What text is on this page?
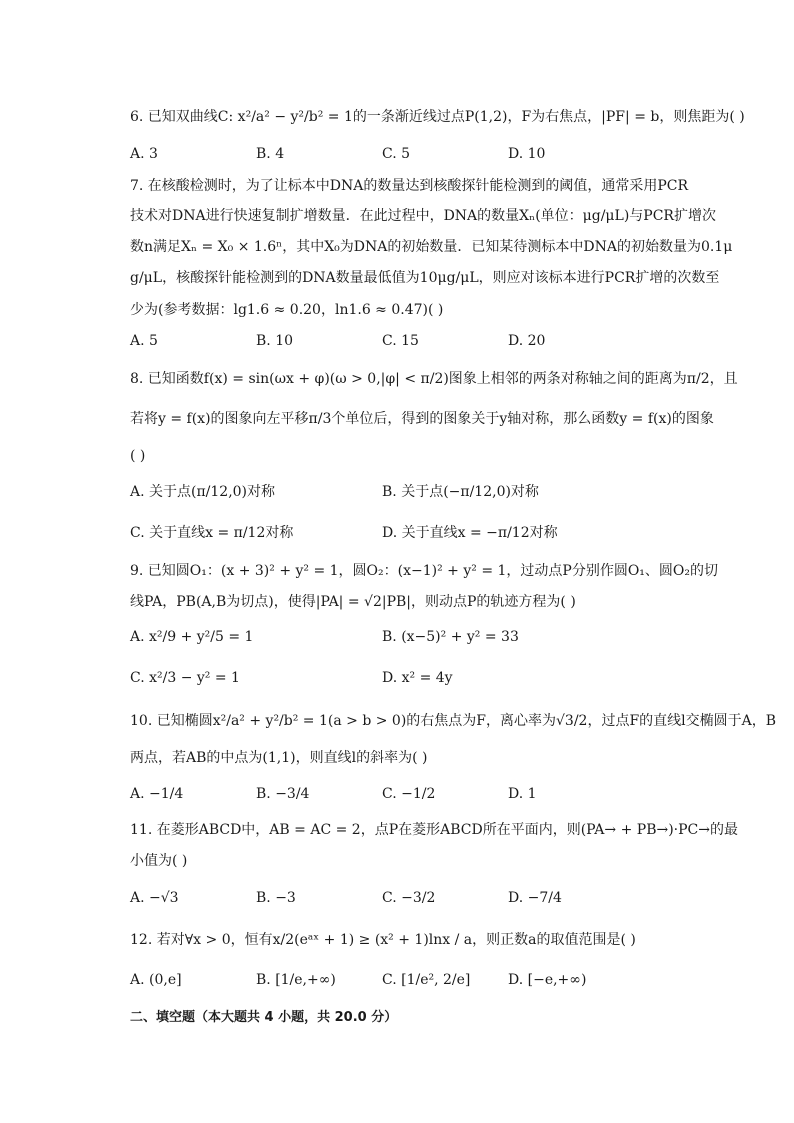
6. 已知双曲线C: x²/a² − y²/b² = 1的一条渐近线过点P(1,2)，F为右焦点，|PF| = b，则焦距为( )
A. 3	B. 4	C. 5	D. 10
7. 在核酸检测时，为了让标本中DNA的数量达到核酸探针能检测到的阈值，通常采用PCR
技术对DNA进行快速复制扩增数量．在此过程中，DNA的数量Xₙ(单位：μg/μL)与PCR扩增次
数n满足Xₙ = X₀ × 1.6ⁿ，其中X₀为DNA的初始数量．已知某待测标本中DNA的初始数量为0.1μ
g/μL，核酸探针能检测到的DNA数量最低值为10μg/μL，则应对该标本进行PCR扩增的次数至
少为(参考数据：lg1.6 ≈ 0.20，ln1.6 ≈ 0.47)( )
A. 5	B. 10	C. 15	D. 20
8. 已知函数f(x) = sin(ωx + φ)(ω > 0,|φ| < π/2)图象上相邻的两条对称轴之间的距离为π/2，且
若将y = f(x)的图象向左平移π/3个单位后，得到的图象关于y轴对称，那么函数y = f(x)的图象
( )
A. 关于点(π/12,0)对称	B. 关于点(−π/12,0)对称
C. 关于直线x = π/12对称	D. 关于直线x = −π/12对称
9. 已知圆O₁：(x + 3)² + y² = 1，圆O₂：(x−1)² + y² = 1，过动点P分别作圆O₁、圆O₂的切
线PA，PB(A,B为切点)，使得|PA| = √2|PB|，则动点P的轨迹方程为( )
A. x²/9 + y²/5 = 1	B. (x−5)² + y² = 33
C. x²/3 − y² = 1	D. x² = 4y
10. 已知椭圆x²/a² + y²/b² = 1(a > b > 0)的右焦点为F，离心率为√3/2，过点F的直线l交椭圆于A，B
两点，若AB的中点为(1,1)，则直线l的斜率为( )
A. −1/4	B. −3/4	C. −1/2	D. 1
11. 在菱形ABCD中，AB = AC = 2，点P在菱形ABCD所在平面内，则(PA→ + PB→)·PC→的最
小值为( )
A. −√3	B. −3	C. −3/2	D. −7/4
12. 若对∀x > 0，恒有x/2(eᵃˣ + 1) ≥ (x² + 1)lnx / a，则正数a的取值范围是( )
A. (0,e]	B. [1/e,+∞)	C. [1/e², 2/e]	D. [−e,+∞)
二、填空题（本大题共 4 小题，共 20.0 分）
